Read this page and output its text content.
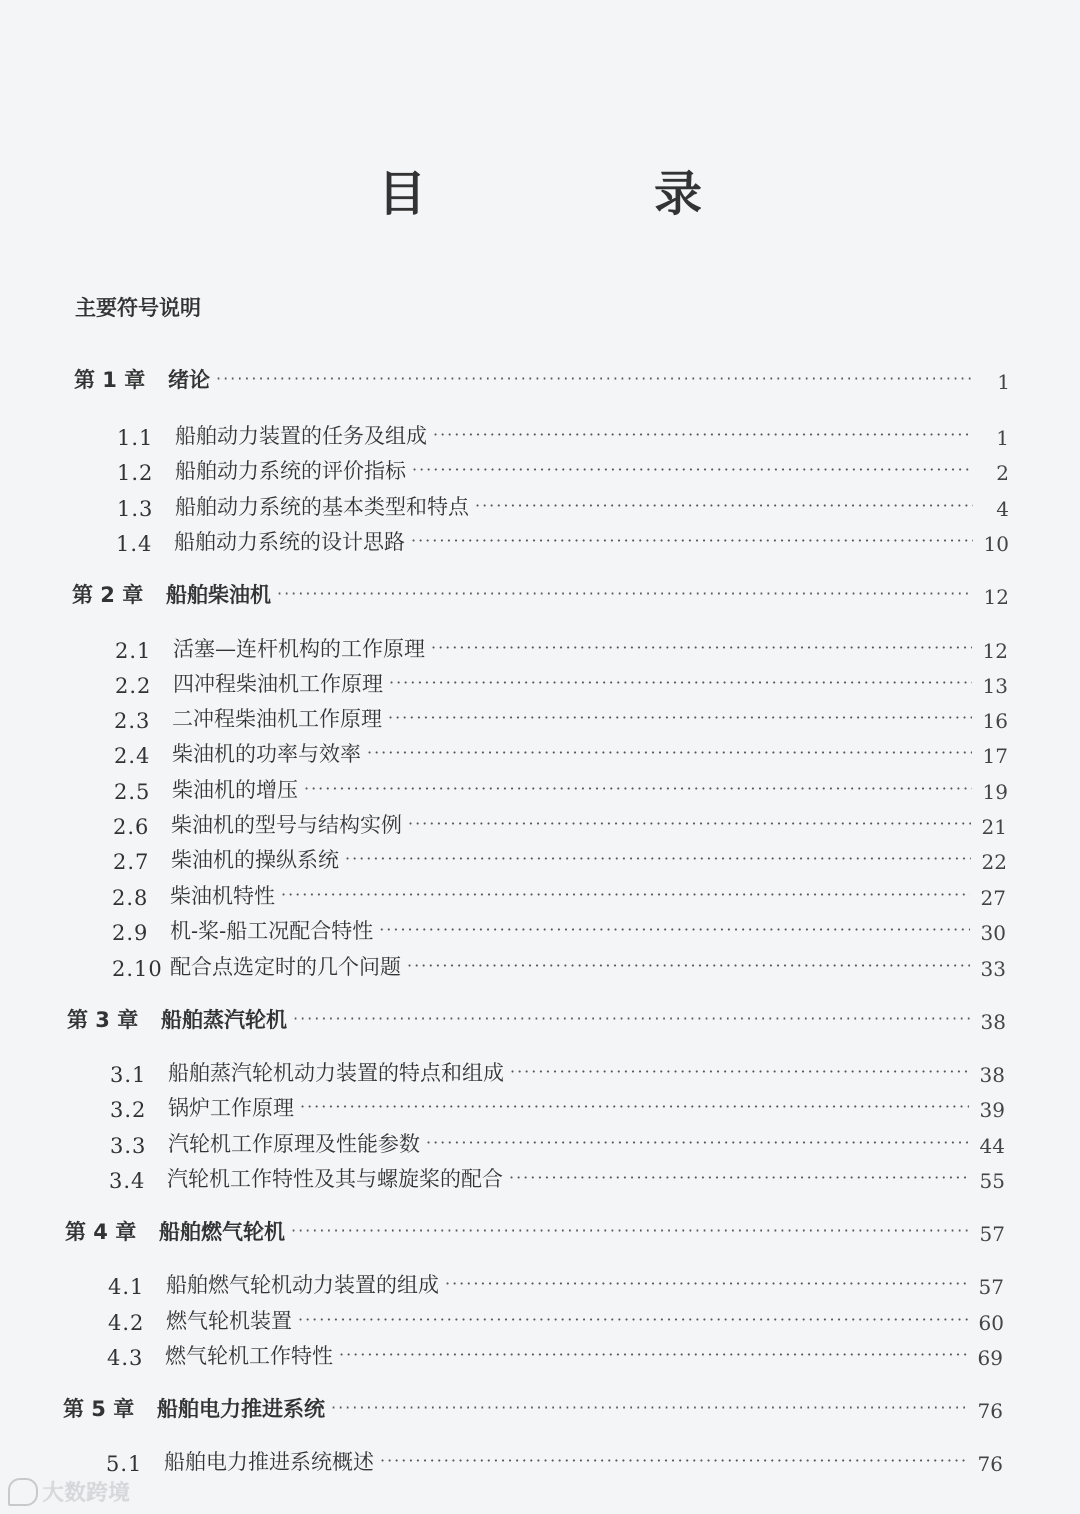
目　录
主要符号说明
第 1 章	绪论 ·····	1
1.1	船舶动力装置的任务及组成 ·····	1
1.2	船舶动力系统的评价指标 ·····	2
1.3	船舶动力系统的基本类型和特点 ·····	4
1.4	船舶动力系统的设计思路 ·····	10
第 2 章	船舶柴油机 ·····	12
2.1	活塞—连杆机构的工作原理 ·····	12
2.2	四冲程柴油机工作原理 ·····	13
2.3	二冲程柴油机工作原理 ·····	16
2.4	柴油机的功率与效率 ·····	17
2.5	柴油机的增压 ·····	19
2.6	柴油机的型号与结构实例 ·····	21
2.7	柴油机的操纵系统 ·····	22
2.8	柴油机特性 ·····	27
2.9	机-桨-船工况配合特性 ·····	30
2.10 配合点选定时的几个问题 ·····	33
第 3 章	船舶蒸汽轮机 ·····	38
3.1	船舶蒸汽轮机动力装置的特点和组成 ·····	38
3.2	锅炉工作原理 ·····	39
3.3	汽轮机工作原理及性能参数 ·····	44
3.4	汽轮机工作特性及其与螺旋桨的配合 ·····	55
第 4 章	船舶燃气轮机 ·····	57
4.1	船舶燃气轮机动力装置的组成 ·····	57
4.2	燃气轮机装置 ·····	60
4.3	燃气轮机工作特性 ·····	69
第 5 章	船舶电力推进系统 ·····	76
5.1	船舶电力推进系统概述 ·····	76
大数跨境
